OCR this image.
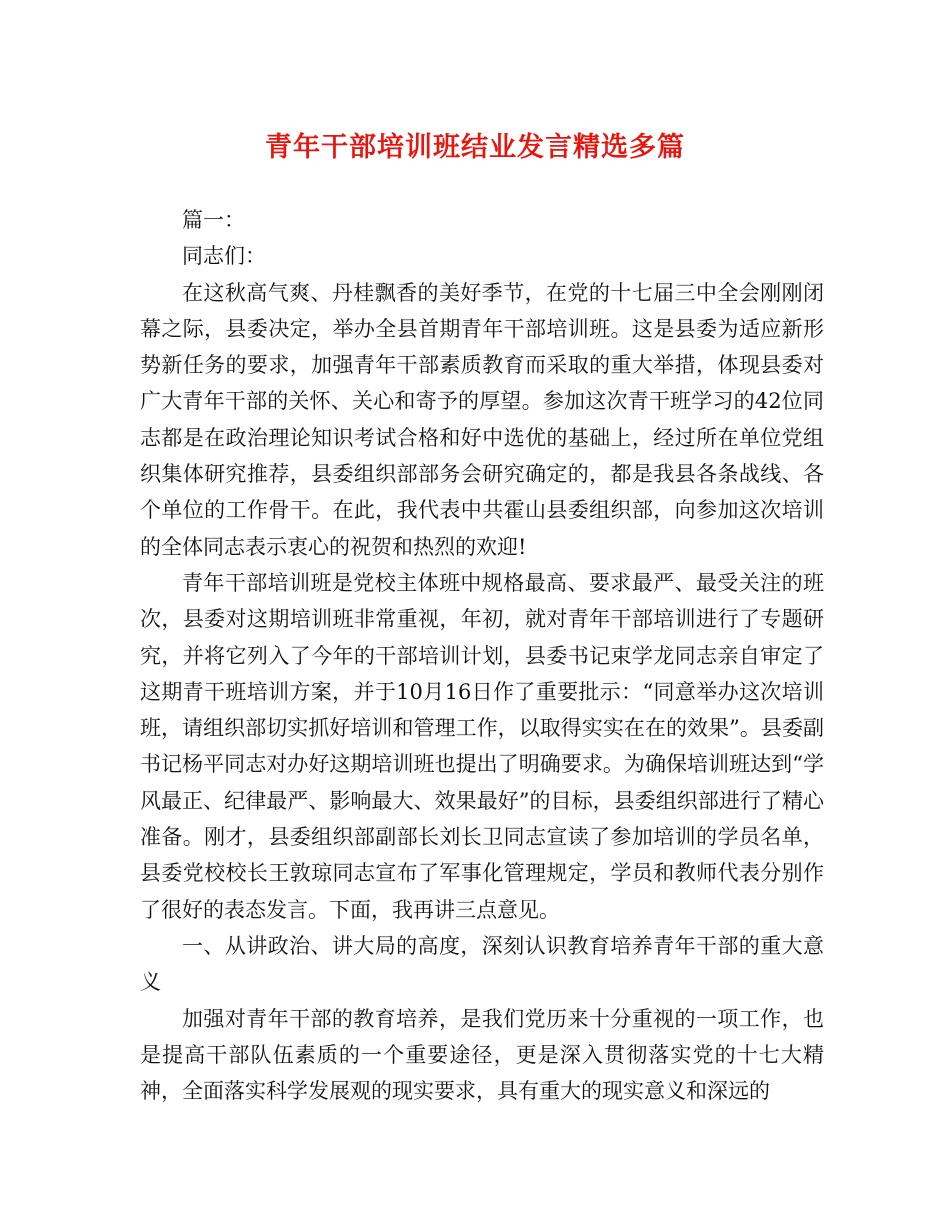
青年干部培训班结业发言精选多篇

篇一：

同志们：

在这秋高气爽、丹桂飘香的美好季节，在党的十七届三中全会刚刚闭幕之际，县委决定，举办全县首期青年干部培训班。这是县委为适应新形势新任务的要求，加强青年干部素质教育而采取的重大举措，体现县委对广大青年干部的关怀、关心和寄予的厚望。参加这次青干班学习的42位同志都是在政治理论知识考试合格和好中选优的基础上，经过所在单位党组织集体研究推荐，县委组织部部务会研究确定的，都是我县各条战线、各个单位的工作骨干。在此，我代表中共霍山县委组织部，向参加这次培训的全体同志表示衷心的祝贺和热烈的欢迎!

青年干部培训班是党校主体班中规格最高、要求最严、最受关注的班次，县委对这期培训班非常重视，年初，就对青年干部培训进行了专题研究，并将它列入了今年的干部培训计划，县委书记束学龙同志亲自审定了这期青干班培训方案，并于10月16日作了重要批示：“同意举办这次培训班，请组织部切实抓好培训和管理工作，以取得实实在在的效果”。县委副书记杨平同志对办好这期培训班也提出了明确要求。为确保培训班达到“学风最正、纪律最严、影响最大、效果最好”的目标，县委组织部进行了精心准备。刚才，县委组织部副部长刘长卫同志宣读了参加培训的学员名单，县委党校校长王敦琼同志宣布了军事化管理规定，学员和教师代表分别作了很好的表态发言。下面，我再讲三点意见。

一、从讲政治、讲大局的高度，深刻认识教育培养青年干部的重大意义

加强对青年干部的教育培养，是我们党历来十分重视的一项工作，也是提高干部队伍素质的一个重要途径，更是深入贯彻落实党的十七大精神，全面落实科学发展观的现实要求，具有重大的现实意义和深远的
